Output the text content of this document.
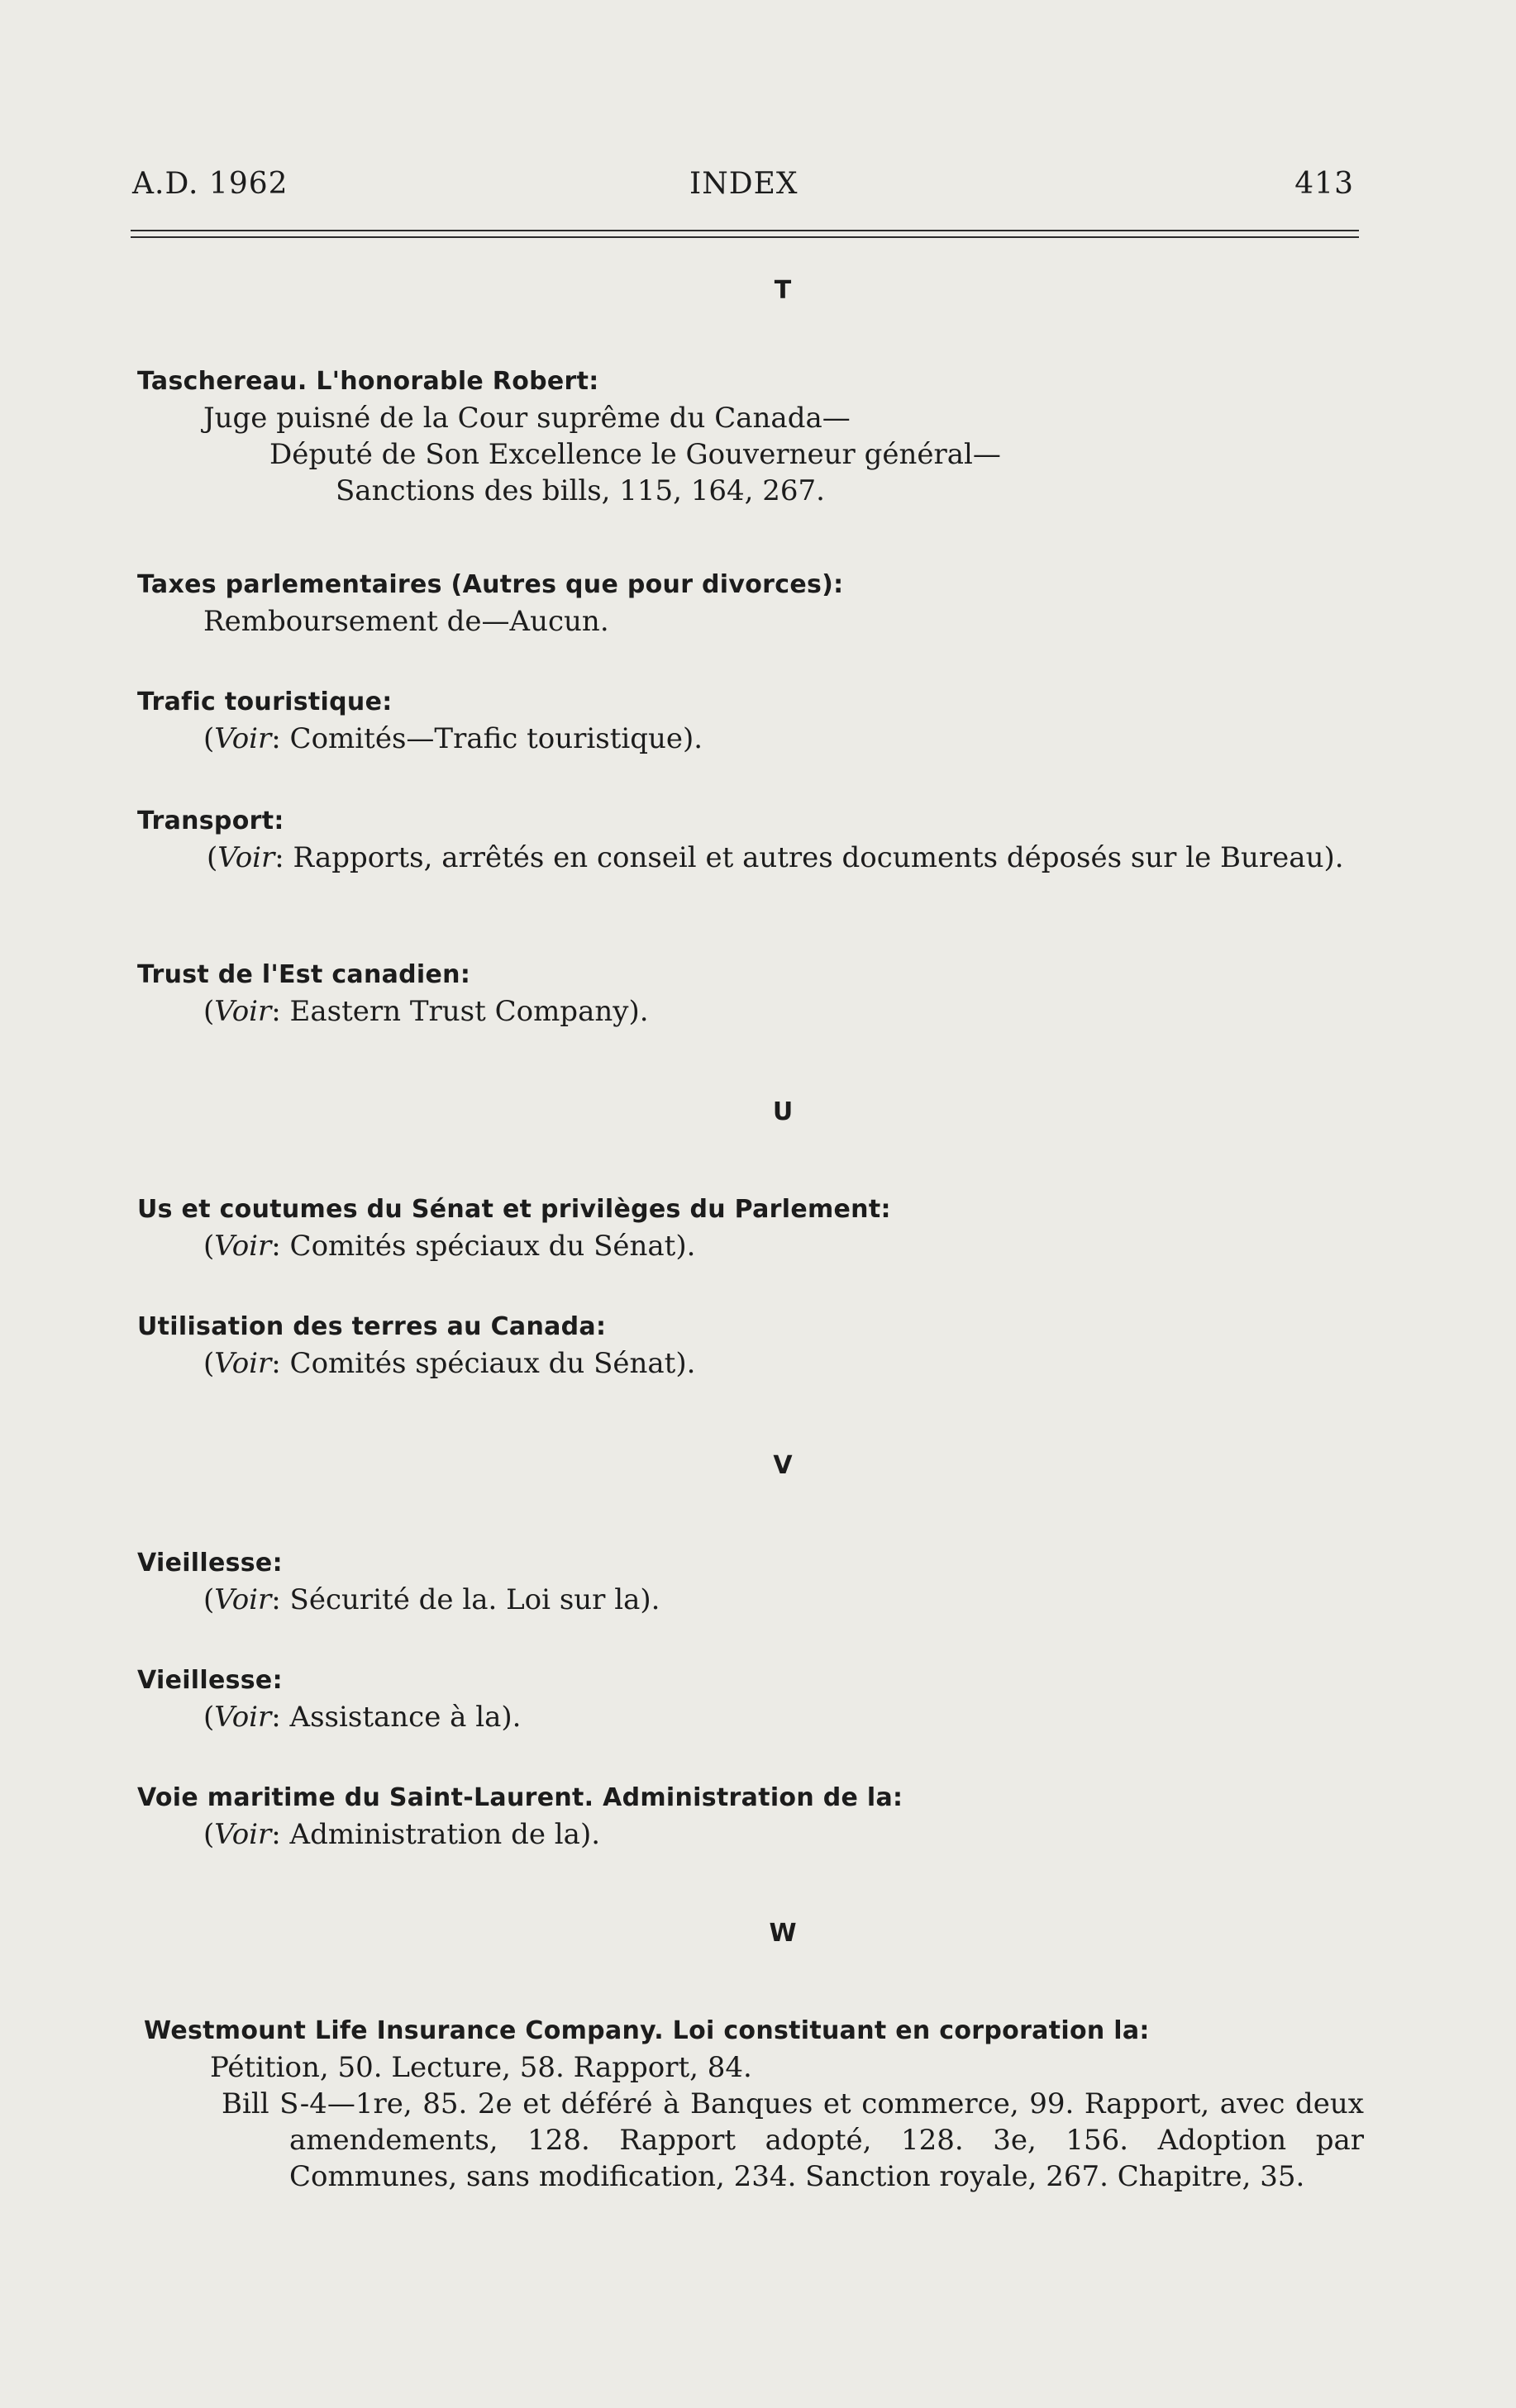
A.D. 1962	INDEX	413
T
Taschereau. L'honorable Robert:
Juge puisné de la Cour suprême du Canada—
Député de Son Excellence le Gouverneur général—
Sanctions des bills, 115, 164, 267.
Taxes parlementaires (Autres que pour divorces):
Remboursement de—Aucun.
Trafic touristique:
(Voir: Comités—Trafic touristique).
Transport:
(Voir: Rapports, arrêtés en conseil et autres documents déposés sur le Bureau).
Trust de l'Est canadien:
(Voir: Eastern Trust Company).
U
Us et coutumes du Sénat et privilèges du Parlement:
(Voir: Comités spéciaux du Sénat).
Utilisation des terres au Canada:
(Voir: Comités spéciaux du Sénat).
V
Vieillesse:
(Voir: Sécurité de la. Loi sur la).
Vieillesse:
(Voir: Assistance à la).
Voie maritime du Saint-Laurent. Administration de la:
(Voir: Administration de la).
W
Westmount Life Insurance Company. Loi constituant en corporation la:
Pétition, 50. Lecture, 58. Rapport, 84.
Bill S-4—1re, 85. 2e et déféré à Banques et commerce, 99. Rapport, avec deux amendements, 128. Rapport adopté, 128. 3e, 156. Adoption par Communes, sans modification, 234. Sanction royale, 267. Chapitre, 35.
